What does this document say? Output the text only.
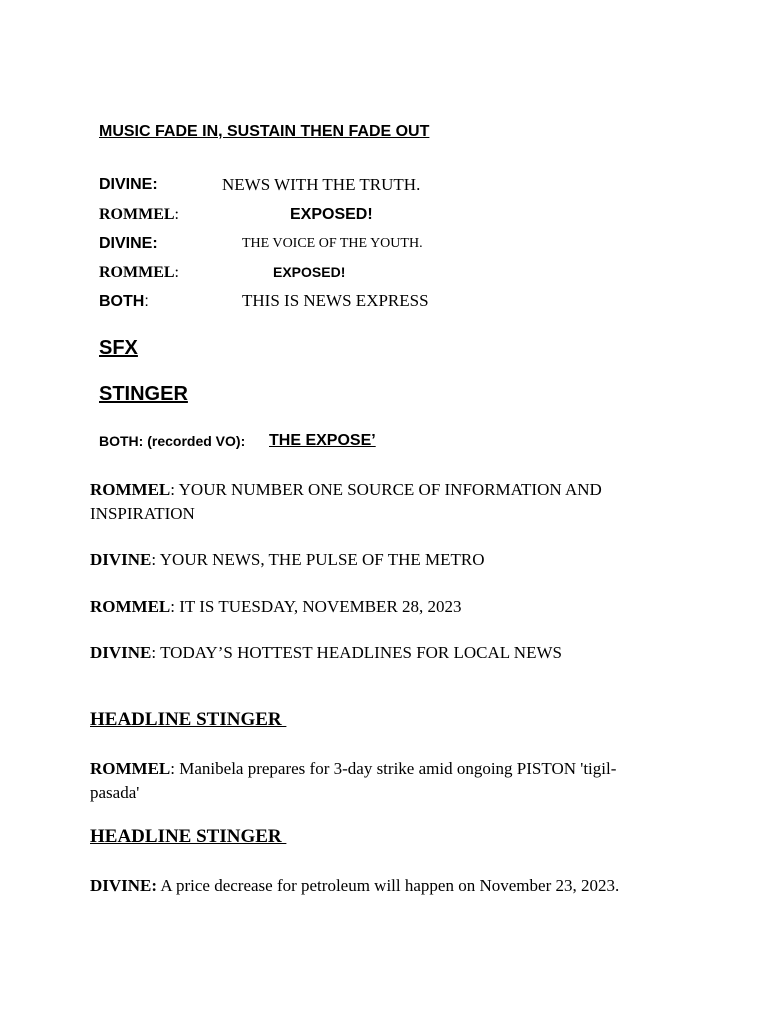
MUSIC FADE IN, SUSTAIN THEN FADE OUT
DIVINE:	NEWS WITH THE TRUTH.
ROMMEL:	EXPOSED!
DIVINE:	THE VOICE OF THE YOUTH.
ROMMEL:	EXPOSED!
BOTH:	THIS IS NEWS EXPRESS
SFX
STINGER
BOTH: (recorded VO): THE EXPOSE’
ROMMEL: YOUR NUMBER ONE SOURCE OF INFORMATION AND INSPIRATION
DIVINE: YOUR NEWS, THE PULSE OF THE METRO
ROMMEL: IT IS TUESDAY, NOVEMBER 28, 2023
DIVINE: TODAY’S HOTTEST HEADLINES FOR LOCAL NEWS
HEADLINE STINGER
ROMMEL: Manibela prepares for 3-day strike amid ongoing PISTON 'tigil-pasada'
HEADLINE STINGER
DIVINE: A price decrease for petroleum will happen on November 23, 2023.
